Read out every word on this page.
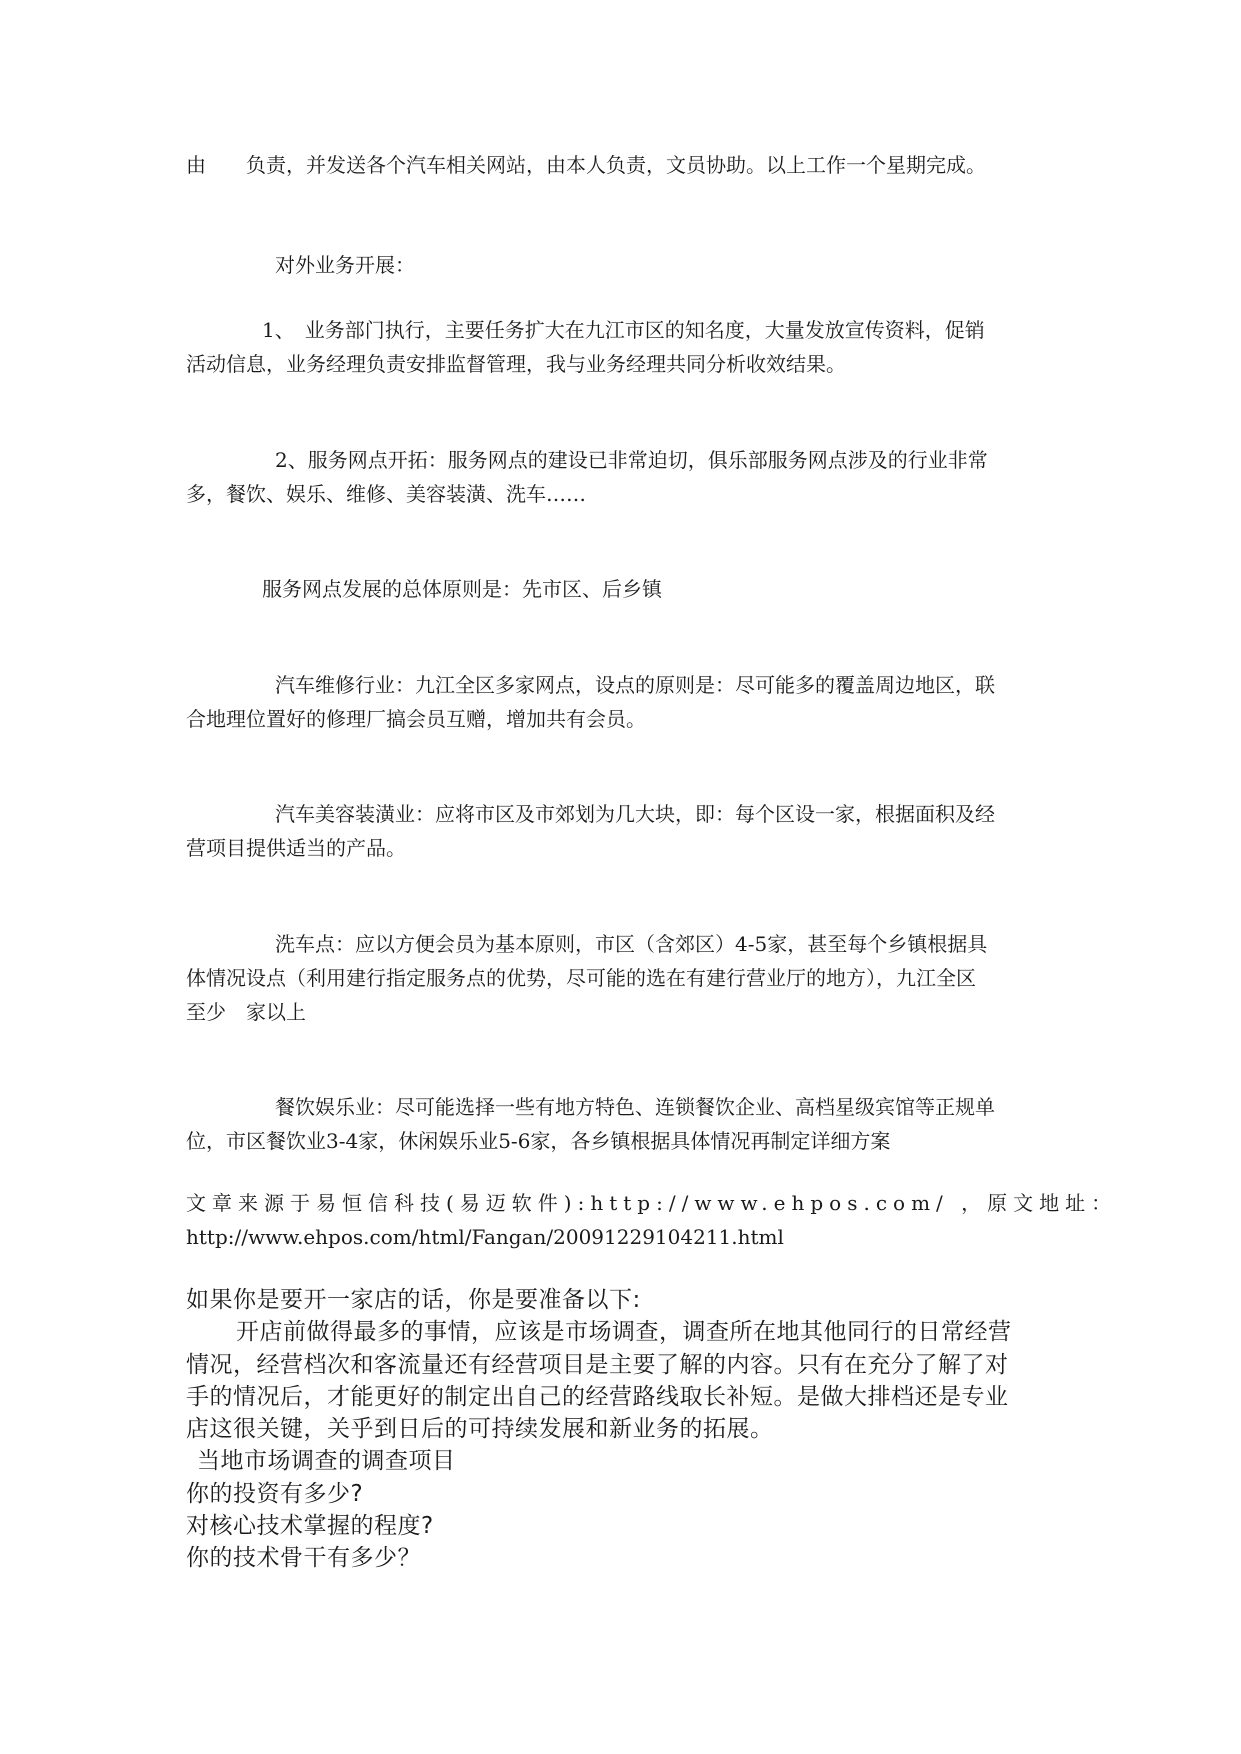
由　　负责，并发送各个汽车相关网站，由本人负责，文员协助。以上工作一个星期完成。
对外业务开展：
1、　业务部门执行，主要任务扩大在九江市区的知名度，大量发放宣传资料，促销
活动信息，业务经理负责安排监督管理，我与业务经理共同分析收效结果。
2、服务网点开拓：服务网点的建设已非常迫切，俱乐部服务网点涉及的行业非常
多，餐饮、娱乐、维修、美容装潢、洗车……
服务网点发展的总体原则是：先市区、后乡镇
汽车维修行业：九江全区多家网点，设点的原则是：尽可能多的覆盖周边地区，联
合地理位置好的修理厂搞会员互赠，增加共有会员。
汽车美容装潢业：应将市区及市郊划为几大块，即：每个区设一家，根据面积及经
营项目提供适当的产品。
洗车点：应以方便会员为基本原则，市区（含郊区）4-5家，甚至每个乡镇根据具
体情况设点（利用建行指定服务点的优势，尽可能的选在有建行营业厅的地方），九江全区
至少　家以上
餐饮娱乐业：尽可能选择一些有地方特色、连锁餐饮企业、高档星级宾馆等正规单
位，市区餐饮业3-4家，休闲娱乐业5-6家，各乡镇根据具体情况再制定详细方案
文章来源于易恒信科技(易迈软件):http://www.ehpos.com/ ，原文地址：
http://www.ehpos.com/html/Fangan/20091229104211.html
如果你是要开一家店的话，你是要准备以下:
开店前做得最多的事情，应该是市场调查，调查所在地其他同行的日常经营
情况，经营档次和客流量还有经营项目是主要了解的内容。只有在充分了解了对
手的情况后，才能更好的制定出自己的经营路线取长补短。是做大排档还是专业
店这很关键，关乎到日后的可持续发展和新业务的拓展。
当地市场调查的调查项目
你的投资有多少?
对核心技术掌握的程度?
你的技术骨干有多少？
